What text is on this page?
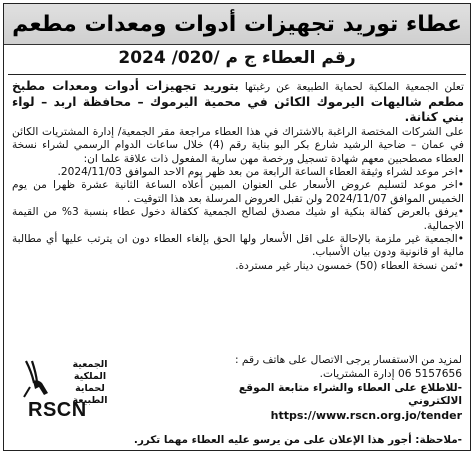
عطاء توريد تجهيزات أدوات ومعدات مطعم
رقم العطاء ج م /020/ 2024

تعلن الجمعية الملكية لحماية الطبيعة عن رغبتها بتوريد تجهيزات أدوات ومعدات مطبخ مطعم شاليهات اليرموك الكائن في محمية اليرموك – محافظة اربد – لواء بني كنانة.

على الشركات المختصة الراغبة بالاشتراك في هذا العطاء مراجعة مقر الجمعية/ إدارة المشتريات الكائن في عمان – ضاحية الرشيد شارع بكر البو بناية رقم (4) خلال ساعات الدوام الرسمي لشراء نسخة العطاء مصطحبين معهم شهادة تسجيل ورخصة مهن سارية المفعول ذات علاقة علما ان:

•اخر موعد لشراء وثيقة العطاء الساعة الرابعة من بعد ظهر يوم الاحد الموافق 2024/11/03.

•اخر موعد لتسليم عروض الأسعار على العنوان المبين أعلاه الساعة الثانية عشرة ظهرا من يوم الخميس الموافق 2024/11/07 ولن تقبل العروض المرسلة بعد هذا التوقيت .

•يرفق بالعرض كفالة بنكية او شيك مصدق لصالح الجمعية ككفالة دخول عطاء بنسبة 3% من القيمة الاجمالية.

•الجمعية غير ملزمة بالإحالة على اقل الأسعار ولها الحق بإلغاء العطاء دون ان يترتب عليها أي مطالبة مالية او قانونية ودون بيان الأسباب.

•ثمن نسخة العطاء (50) خمسون دينار غير مستردة.

لمزيد من الاستفسار يرجى الاتصال على هاتف رقم :

5157656 06 إدارة المشتريات.

-للاطلاع على العطاء والشراء متابعة الموقع الالكتروني

https://www.rscn.org.jo/tender

-ملاحظة: أجور هذا الإعلان على من يرسو عليه العطاء مهما تكرر.
الجمعية الملكية
لحماية الطبيعة
RSCN
